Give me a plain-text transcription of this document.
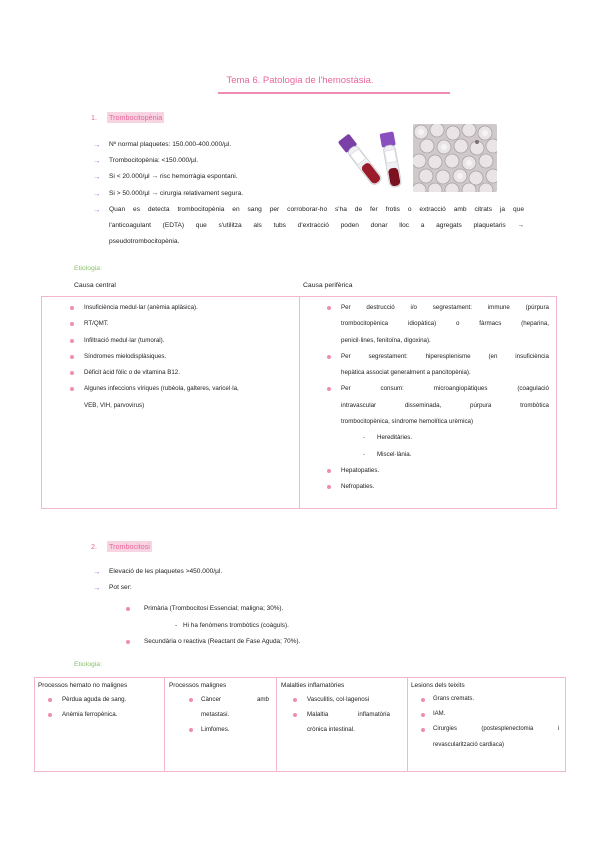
Tema 6. Patologia de l'hemostàsia.
1. Trombocitopènia
→ Nº normal plaquetes: 150.000-400.000/µl.
→ Trombocitopènia: <150.000/µl.
→ Si < 20.000/µl → risc hemorràgia espontani.
→ Si > 50.000/µl → cirurgia relativament segura.
→ Quan es detecta trombocitopènia en sang per corroborar-ho s'ha de fer frotis o extracció amb citrats ja que
l'anticoagulant (EDTA) que s'utilitza als tubs d'extracció poden donar lloc a agregats plaquetaris →
pseudotrombocitopènia.
Etiologia:
Causa central	Causa perifèrica
Insuficiència medul·lar (anèmia aplàsica).
RT/QMT.
Infiltració medul·lar (tumoral).
Síndromes mielodisplàsiques.
Dèficit àcid fòlic o de vitamina B12.
Algunes infeccions víriques (rubèola, galteres, varicel·la,
VEB, VIH, parvovirus)
Per destrucció i/o segrestament: immune (púrpura
trombocitopènica idiopàtica) o fàrmacs (heparina,
penicil·lines, fenitoïna, digoxina).
Per segrestament: hiperesplenisme (en insuficiència
hepàtica associat generalment a pancitopènia).
Per consum: microangiopàtiques (coagulació
intravascular disseminada, púrpura trombòtica
trombocitopènica, síndrome hemolítica urèmica)
- Hereditàries.
- Miscel·lània.
Hepatopaties.
Nefropaties.
2. Trombocitosi
→ Elevació de les plaquetes >450.000/µl.
→ Pot ser:
Primària (Trombocitosi Essencial; maligna; 30%).
- Hi ha fenòmens trombòtics (coàguls).
Secundària o reactiva (Reactant de Fase Aguda; 70%).
Etiologia:
Processos hemato no malignes
Pèrdua aguda de sang.
Anèmia ferropènica.
Processos malignes
Càncer amb
metastasi.
Limfomes.
Malalties inflamatòries
Vasculitis, col·lagenosi
Malaltia inflamatòria
crònica intestinal.
Lesions dels teixits
Grans cremats.
IAM.
Cirurgies (postesplenectomia i
revascularització cardiaca)
